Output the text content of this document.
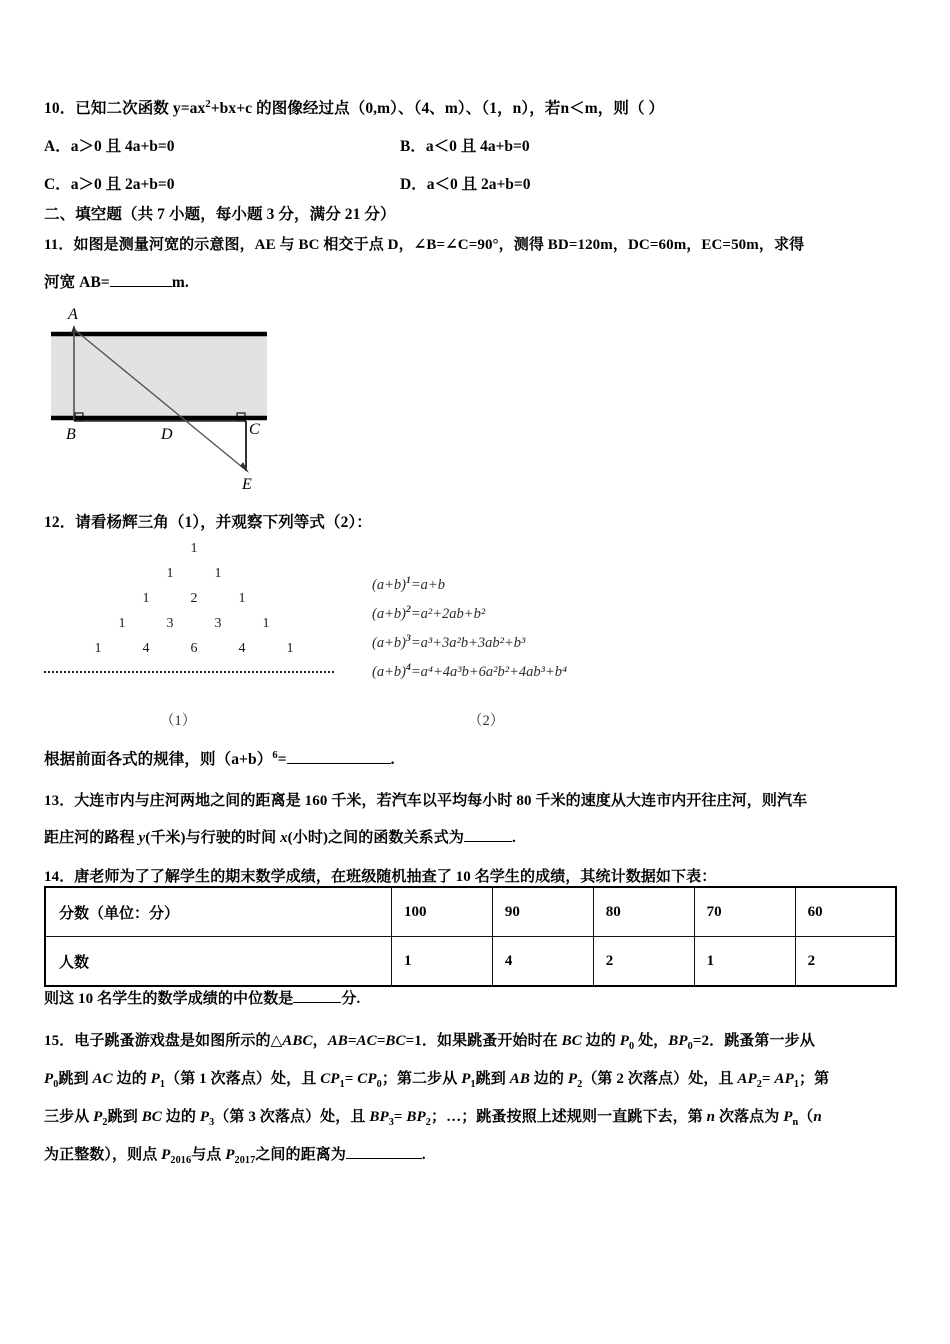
10．已知二次函数 $y=ax^2+bx+c$ 的图像经过点（0,m）、（4、m）、（1，n），若n＜m，则（ ）
A．a＞0 且 4a+b=0	B．a＜0 且 4a+b=0
C．a＞0 且 2a+b=0	D．a＜0 且 2a+b=0
二、填空题（共 7 小题，每小题 3 分，满分 21 分）
11．如图是测量河宽的示意图，AE 与 BC 相交于点 D，∠B=∠C=90°，测得 BD=120m，DC=60m，EC=50m，求得
河宽 AB=	m.
A
B	C
D
E
12．请看杨辉三角（1），并观察下列等式（2）：
1
1	1
1	2	1
1	3	3	1
1	4	6	4	1
$(a+b)^1=a+b$
$(a+b)^2=a^2+2ab+b^2$
$(a+b)^3=a^3+3a^2b+3ab^2+b^3$
$(a+b)^4=a^4+4a^3b+6a^2b^2+4ab^3+b^4$
（1）	（2）
根据前面各式的规律，则$(a+b)^6=$	.
13．大连市内与庄河两地之间的距离是 160 千米，若汽车以平均每小时 80 千米的速度从大连市内开往庄河，则汽车
距庄河的路程 y(千米)与行驶的时间 x(小时)之间的函数关系式为	.
14．唐老师为了了解学生的期末数学成绩，在班级随机抽查了 10 名学生的成绩，其统计数据如下表：
分数（单位：分）	100	90	80	70	60
人数	1	4	2	1	2
则这 10 名学生的数学成绩的中位数是	分.
15．电子跳蚤游戏盘是如图所示的△ABC，AB=AC=BC=1．如果跳蚤开始时在 BC 边的 $P_0$ 处，$BP_0=2$．跳蚤第一步从
$P_0$跳到 AC 边的 $P_1$（第 1 次落点）处，且 $CP_1= CP_0$；第二步从 $P_1$跳到 AB 边的 $P_2$（第 2 次落点）处，且 $AP_2= AP_1$；第
三步从 $P_2$跳到 BC 边的 $P_3$（第 3 次落点）处，且 $BP_3= BP_2$；…；跳蚤按照上述规则一直跳下去，第 n 次落点为 $P_n(n$
为正整数），则点 $P_{2016}$与点 $P_{2017}$之间的距离为	.
